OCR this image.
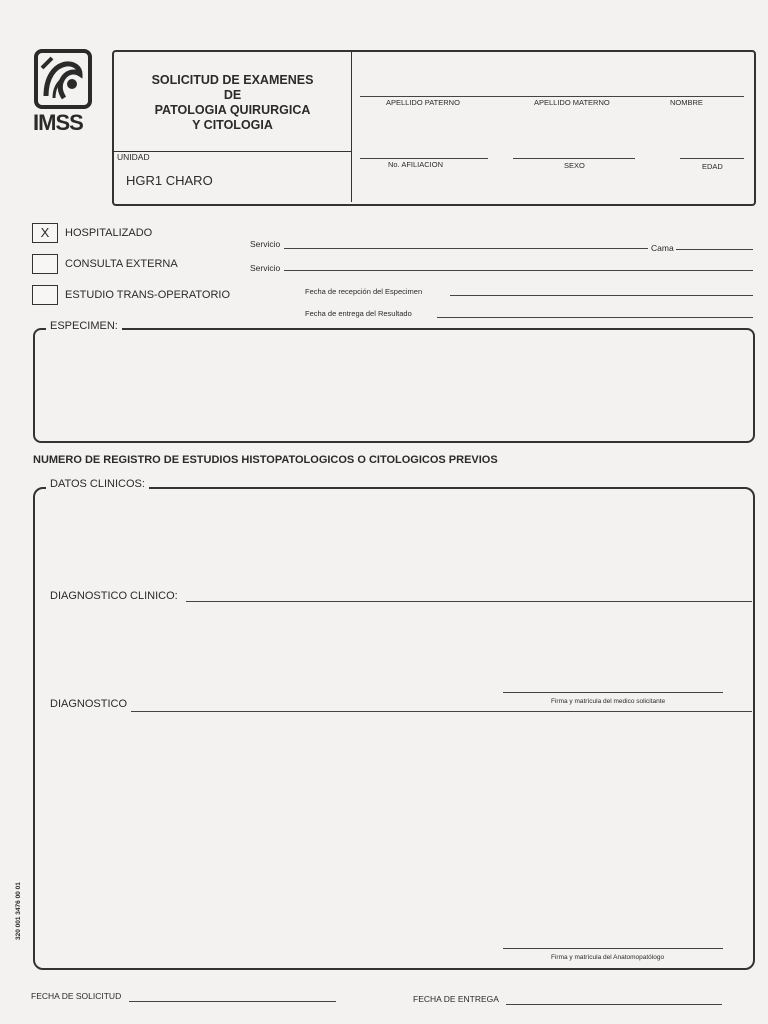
IMSS
SOLICITUD DE EXAMENES
DE
PATOLOGIA QUIRURGICA
Y CITOLOGIA
UNIDAD
HGR1 CHARO
APELLIDO PATERNO	APELLIDO MATERNO	NOMBRE
No. AFILIACION	SEXO	EDAD
X	HOSPITALIZADO
CONSULTA EXTERNA
ESTUDIO TRANS-OPERATORIO
Servicio	Cama
Servicio
Fecha de recepción del Especimen
Fecha de entrega del Resultado
ESPECIMEN:
NUMERO DE REGISTRO DE ESTUDIOS HISTOPATOLOGICOS O CITOLOGICOS PREVIOS
DATOS CLINICOS:
DIAGNOSTICO CLINICO:
Firma y matrícula del medico solicitante
DIAGNOSTICO
Firma y matrícula del Anatomopatólogo
320 001 3476 00 01
FECHA DE SOLICITUD	FECHA DE ENTREGA
